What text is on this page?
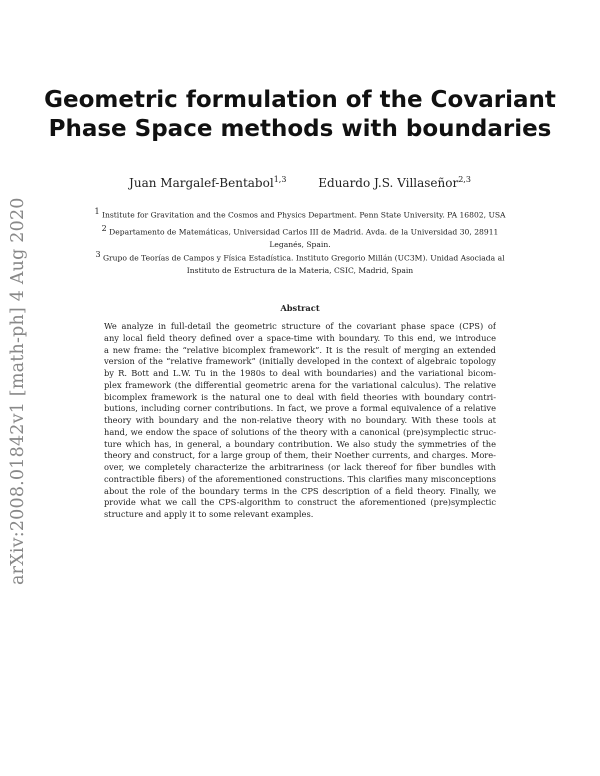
arXiv:2008.01842v1 [math-ph] 4 Aug 2020
Geometric formulation of the Covariant
Phase Space methods with boundaries
Juan Margalef-Bentabol$^{1,3}$	Eduardo J.S. Villaseñor$^{2,3}$
$^1$ Institute for Gravitation and the Cosmos and Physics Department. Penn State University. PA 16802, USA
$^2$ Departamento de Matemáticas, Universidad Carlos III de Madrid. Avda. de la Universidad 30, 28911
Leganés, Spain.
$^3$ Grupo de Teorías de Campos y Física Estadística. Instituto Gregorio Millán (UC3M). Unidad Asociada al
Instituto de Estructura de la Materia, CSIC, Madrid, Spain
Abstract
We analyze in full-detail the geometric structure of the covariant phase space (CPS) of
any local field theory defined over a space-time with boundary. To this end, we introduce
a new frame: the “relative bicomplex framework”. It is the result of merging an extended
version of the “relative framework” (initially developed in the context of algebraic topology
by R. Bott and L.W. Tu in the 1980s to deal with boundaries) and the variational bicom-
plex framework (the differential geometric arena for the variational calculus). The relative
bicomplex framework is the natural one to deal with field theories with boundary contri-
butions, including corner contributions. In fact, we prove a formal equivalence of a relative
theory with boundary and the non-relative theory with no boundary. With these tools at
hand, we endow the space of solutions of the theory with a canonical (pre)symplectic struc-
ture which has, in general, a boundary contribution. We also study the symmetries of the
theory and construct, for a large group of them, their Noether currents, and charges. More-
over, we completely characterize the arbitrariness (or lack thereof for fiber bundles with
contractible fibers) of the aforementioned constructions. This clarifies many misconceptions
about the role of the boundary terms in the CPS description of a field theory. Finally, we
provide what we call the CPS-algorithm to construct the aforementioned (pre)symplectic
structure and apply it to some relevant examples.
